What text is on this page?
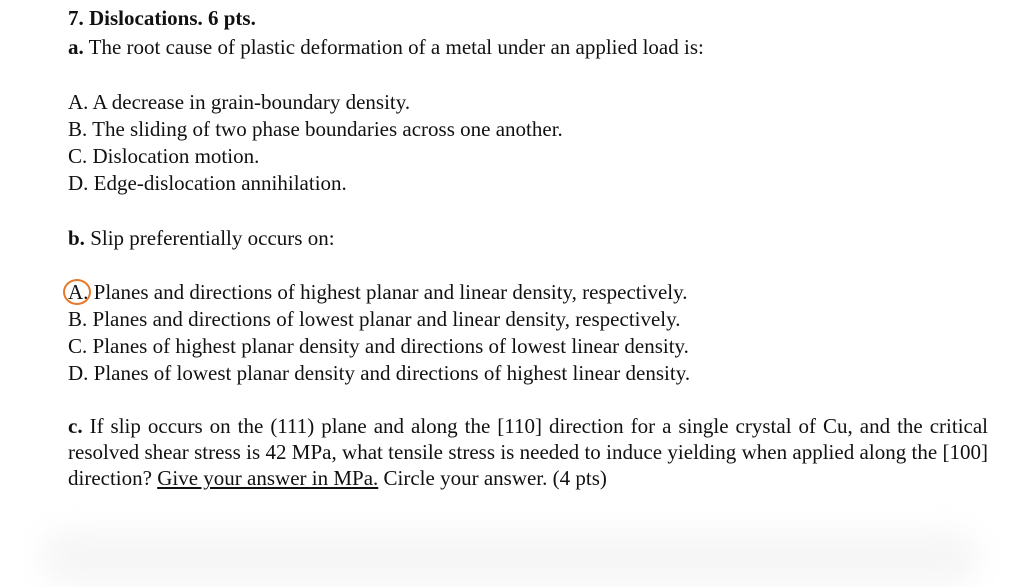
7. Dislocations. 6 pts.
a. The root cause of plastic deformation of a metal under an applied load is:
A. A decrease in grain-boundary density.
B. The sliding of two phase boundaries across one another.
C. Dislocation motion.
D. Edge-dislocation annihilation.
b. Slip preferentially occurs on:
A. Planes and directions of highest planar and linear density, respectively.
B. Planes and directions of lowest planar and linear density, respectively.
C. Planes of highest planar density and directions of lowest linear density.
D. Planes of lowest planar density and directions of highest linear density.
c. If slip occurs on the (111) plane and along the [110] direction for a single crystal of Cu, and the critical resolved shear stress is 42 MPa, what tensile stress is needed to induce yielding when applied along the [100] direction? Give your answer in MPa. Circle your answer. (4 pts)
